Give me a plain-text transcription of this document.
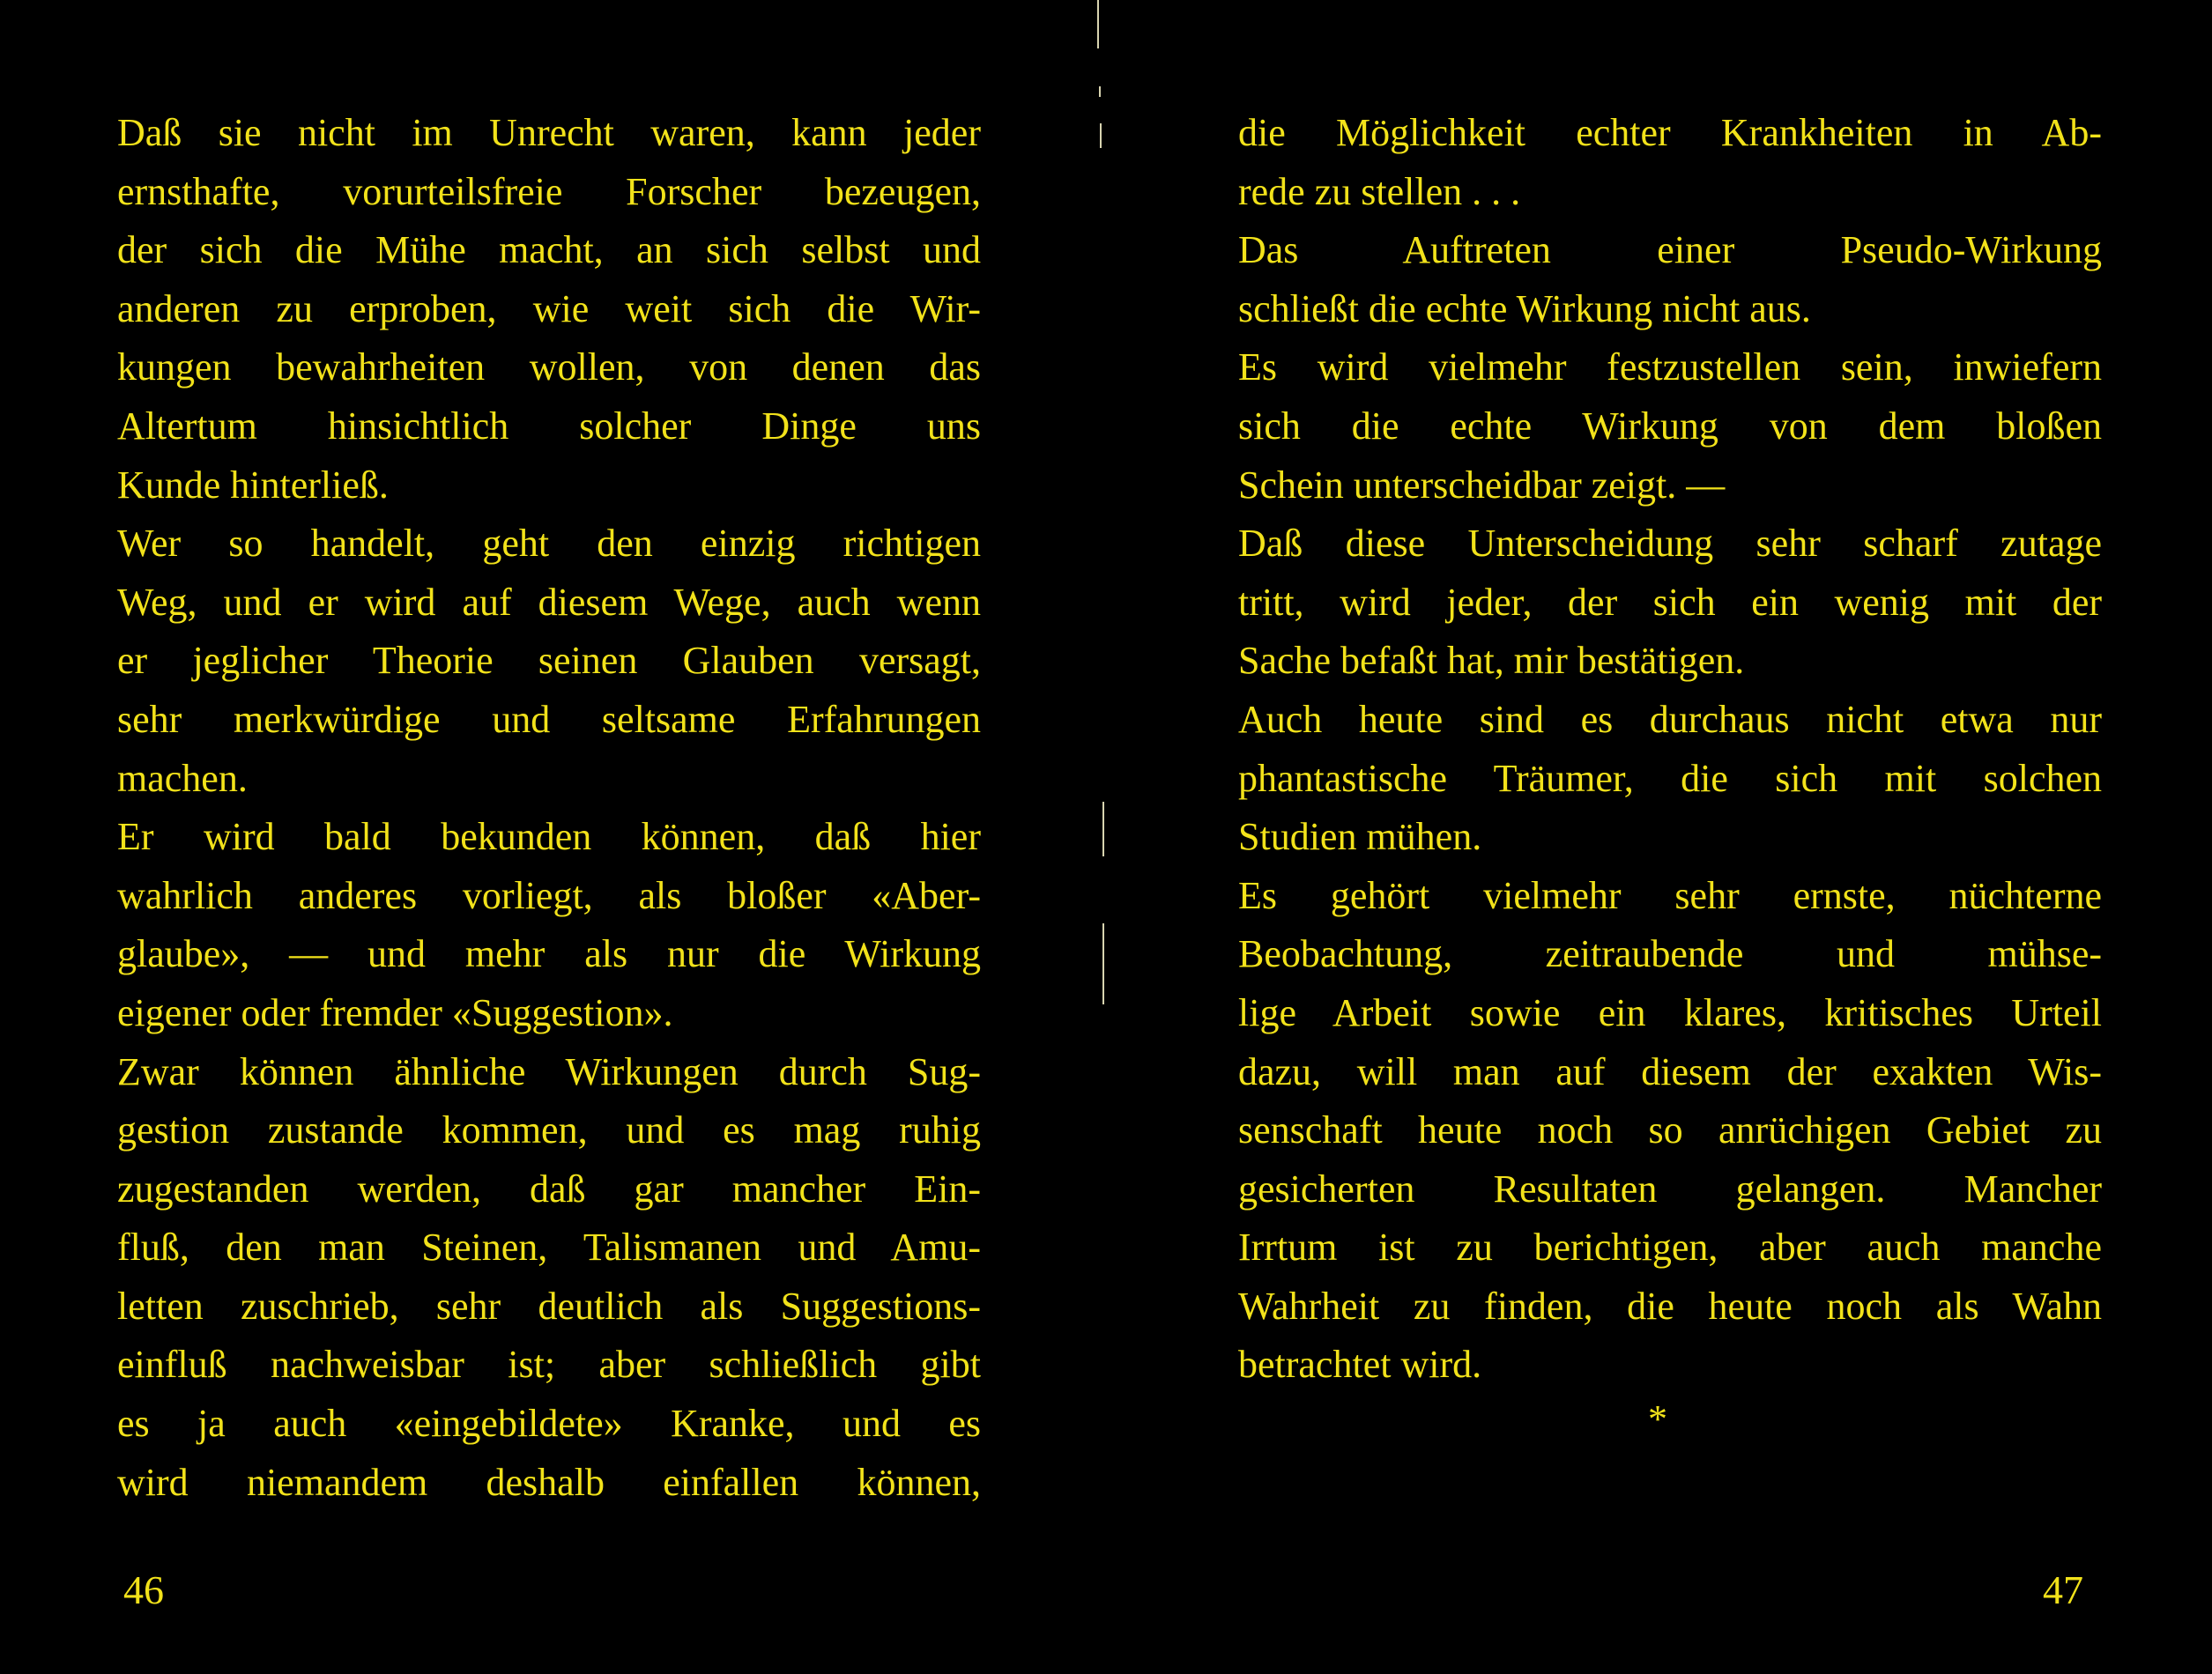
Daß sie nicht im Unrecht waren, kann jeder
ernsthafte, vorurteilsfreie Forscher bezeugen,
der sich die Mühe macht, an sich selbst und
anderen zu erproben, wie weit sich die Wir-
kungen bewahrheiten wollen, von denen das
Altertum hinsichtlich solcher Dinge uns
Kunde hinterließ.
Wer so handelt, geht den einzig richtigen
Weg, und er wird auf diesem Wege, auch wenn
er jeglicher Theorie seinen Glauben versagt,
sehr merkwürdige und seltsame Erfahrungen
machen.
Er wird bald bekunden können, daß hier
wahrlich anderes vorliegt, als bloßer «Aber-
glaube», — und mehr als nur die Wirkung
eigener oder fremder «Suggestion».
Zwar können ähnliche Wirkungen durch Sug-
gestion zustande kommen, und es mag ruhig
zugestanden werden, daß gar mancher Ein-
fluß, den man Steinen, Talismanen und Amu-
letten zuschrieb, sehr deutlich als Suggestions-
einfluß nachweisbar ist; aber schließlich gibt
es ja auch «eingebildete» Kranke, und es
wird niemandem deshalb einfallen können,
die Möglichkeit echter Krankheiten in Ab-
rede zu stellen . . .
Das Auftreten einer Pseudo-Wirkung
schließt die echte Wirkung nicht aus.
Es wird vielmehr festzustellen sein, inwiefern
sich die echte Wirkung von dem bloßen
Schein unterscheidbar zeigt. —
Daß diese Unterscheidung sehr scharf zutage
tritt, wird jeder, der sich ein wenig mit der
Sache befaßt hat, mir bestätigen.
Auch heute sind es durchaus nicht etwa nur
phantastische Träumer, die sich mit solchen
Studien mühen.
Es gehört vielmehr sehr ernste, nüchterne
Beobachtung, zeitraubende und mühse-
lige Arbeit sowie ein klares, kritisches Urteil
dazu, will man auf diesem der exakten Wis-
senschaft heute noch so anrüchigen Gebiet zu
gesicherten Resultaten gelangen. Mancher
Irrtum ist zu berichtigen, aber auch manche
Wahrheit zu finden, die heute noch als Wahn
betrachtet wird.
*
46	47
